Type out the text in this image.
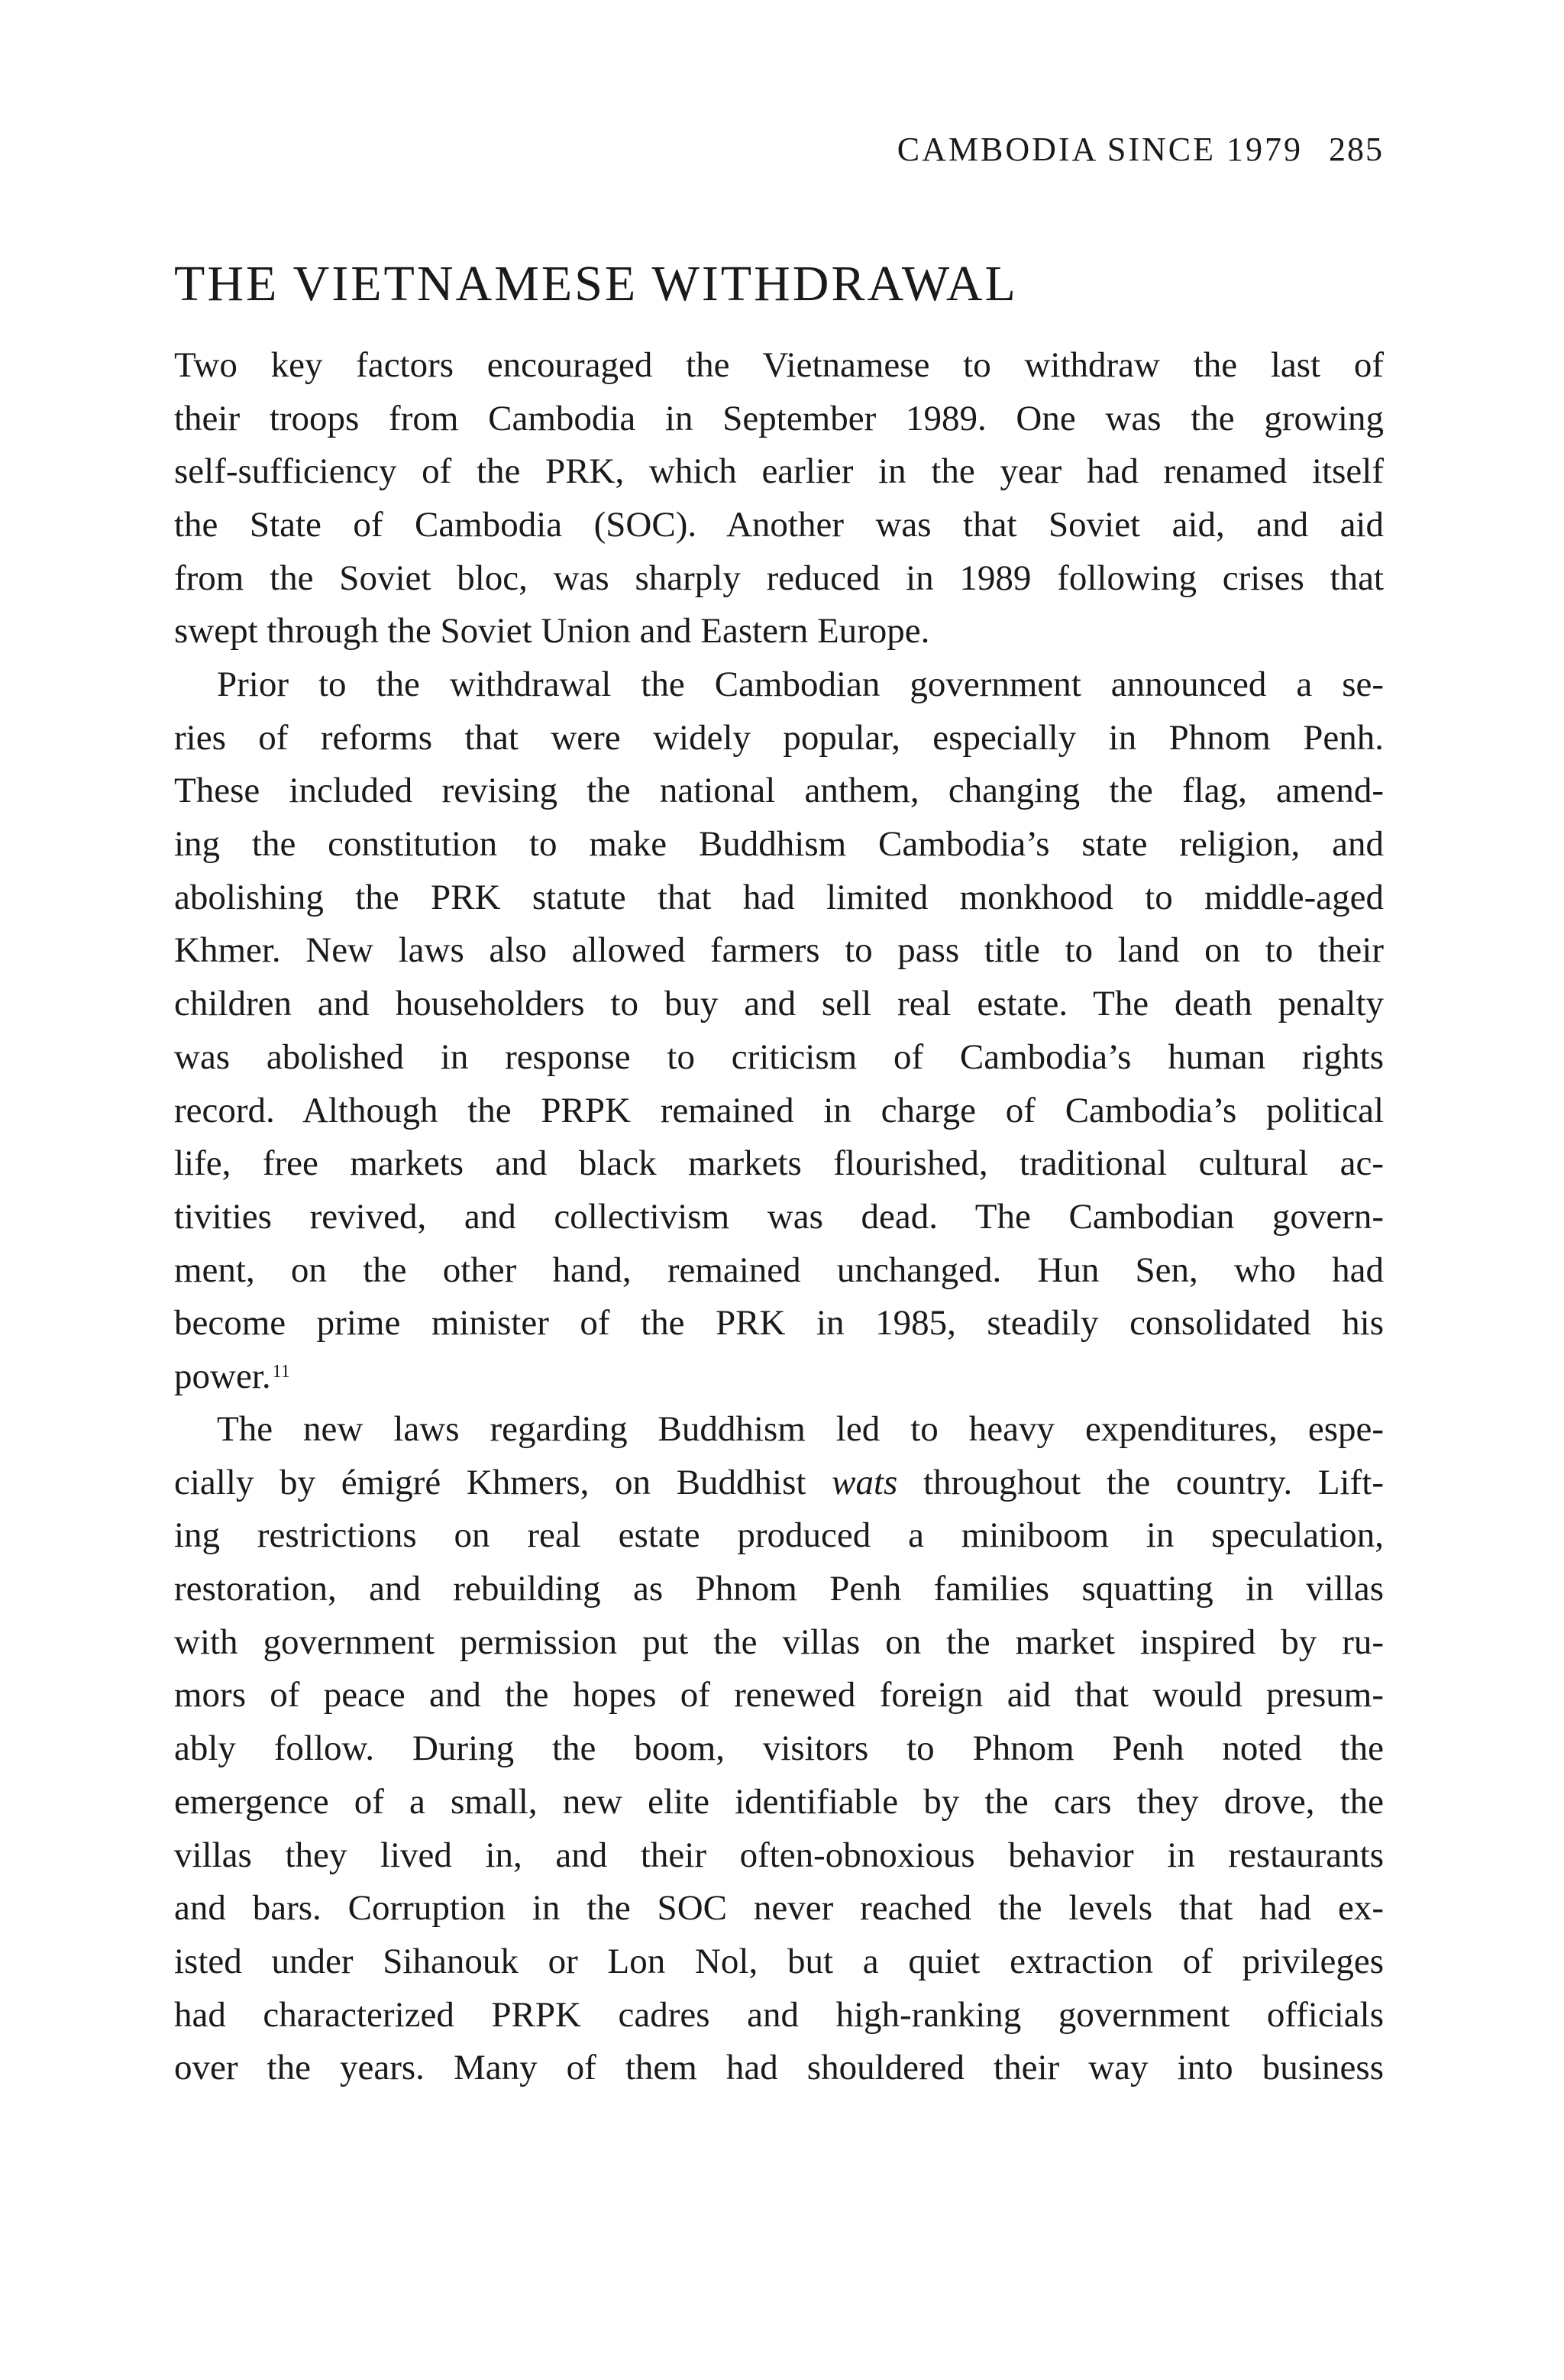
CAMBODIA SINCE 1979 285
THE VIETNAMESE WITHDRAWAL
Two key factors encouraged the Vietnamese to withdraw the last of
their troops from Cambodia in September 1989. One was the growing
self-sufficiency of the PRK, which earlier in the year had renamed itself
the State of Cambodia (SOC). Another was that Soviet aid, and aid
from the Soviet bloc, was sharply reduced in 1989 following crises that
swept through the Soviet Union and Eastern Europe.
Prior to the withdrawal the Cambodian government announced a se-
ries of reforms that were widely popular, especially in Phnom Penh.
These included revising the national anthem, changing the flag, amend-
ing the constitution to make Buddhism Cambodia’s state religion, and
abolishing the PRK statute that had limited monkhood to middle-aged
Khmer. New laws also allowed farmers to pass title to land on to their
children and householders to buy and sell real estate. The death penalty
was abolished in response to criticism of Cambodia’s human rights
record. Although the PRPK remained in charge of Cambodia’s political
life, free markets and black markets flourished, traditional cultural ac-
tivities revived, and collectivism was dead. The Cambodian govern-
ment, on the other hand, remained unchanged. Hun Sen, who had
become prime minister of the PRK in 1985, steadily consolidated his
power.$^{11}$
The new laws regarding Buddhism led to heavy expenditures, espe-
cially by émigré Khmers, on Buddhist wats throughout the country. Lift-
ing restrictions on real estate produced a miniboom in speculation,
restoration, and rebuilding as Phnom Penh families squatting in villas
with government permission put the villas on the market inspired by ru-
mors of peace and the hopes of renewed foreign aid that would presum-
ably follow. During the boom, visitors to Phnom Penh noted the
emergence of a small, new elite identifiable by the cars they drove, the
villas they lived in, and their often-obnoxious behavior in restaurants
and bars. Corruption in the SOC never reached the levels that had ex-
isted under Sihanouk or Lon Nol, but a quiet extraction of privileges
had characterized PRPK cadres and high-ranking government officials
over the years. Many of them had shouldered their way into business
